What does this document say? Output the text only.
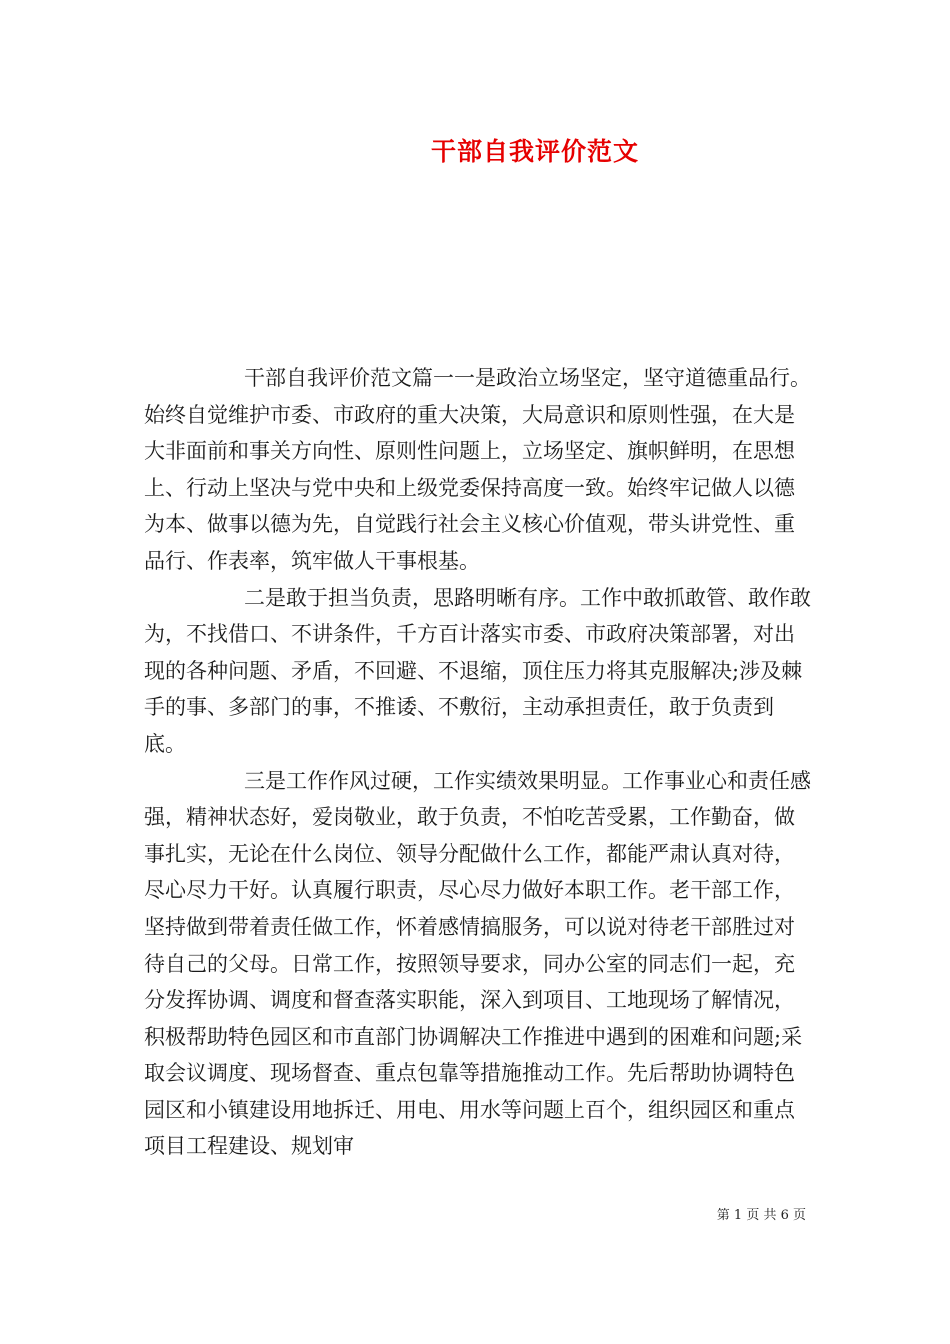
干部自我评价范文

干部自我评价范文篇一一是政治立场坚定，坚守道德重品行。始终自觉维护市委、市政府的重大决策，大局意识和原则性强，在大是大非面前和事关方向性、原则性问题上，立场坚定、旗帜鲜明，在思想上、行动上坚决与党中央和上级党委保持高度一致。始终牢记做人以德为本、做事以德为先，自觉践行社会主义核心价值观，带头讲党性、重品行、作表率，筑牢做人干事根基。

二是敢于担当负责，思路明晰有序。工作中敢抓敢管、敢作敢为，不找借口、不讲条件，千方百计落实市委、市政府决策部署，对出现的各种问题、矛盾，不回避、不退缩，顶住压力将其克服解决;涉及棘手的事、多部门的事，不推诿、不敷衍，主动承担责任，敢于负责到底。

三是工作作风过硬，工作实绩效果明显。工作事业心和责任感强，精神状态好，爱岗敬业，敢于负责，不怕吃苦受累，工作勤奋，做事扎实，无论在什么岗位、领导分配做什么工作，都能严肃认真对待，尽心尽力干好。认真履行职责，尽心尽力做好本职工作。老干部工作，坚持做到带着责任做工作，怀着感情搞服务，可以说对待老干部胜过对待自己的父母。日常工作，按照领导要求，同办公室的同志们一起，充分发挥协调、调度和督查落实职能，深入到项目、工地现场了解情况，积极帮助特色园区和市直部门协调解决工作推进中遇到的困难和问题;采取会议调度、现场督查、重点包靠等措施推动工作。先后帮助协调特色园区和小镇建设用地拆迁、用电、用水等问题上百个，组织园区和重点项目工程建设、规划审

第 1 页 共 6 页
